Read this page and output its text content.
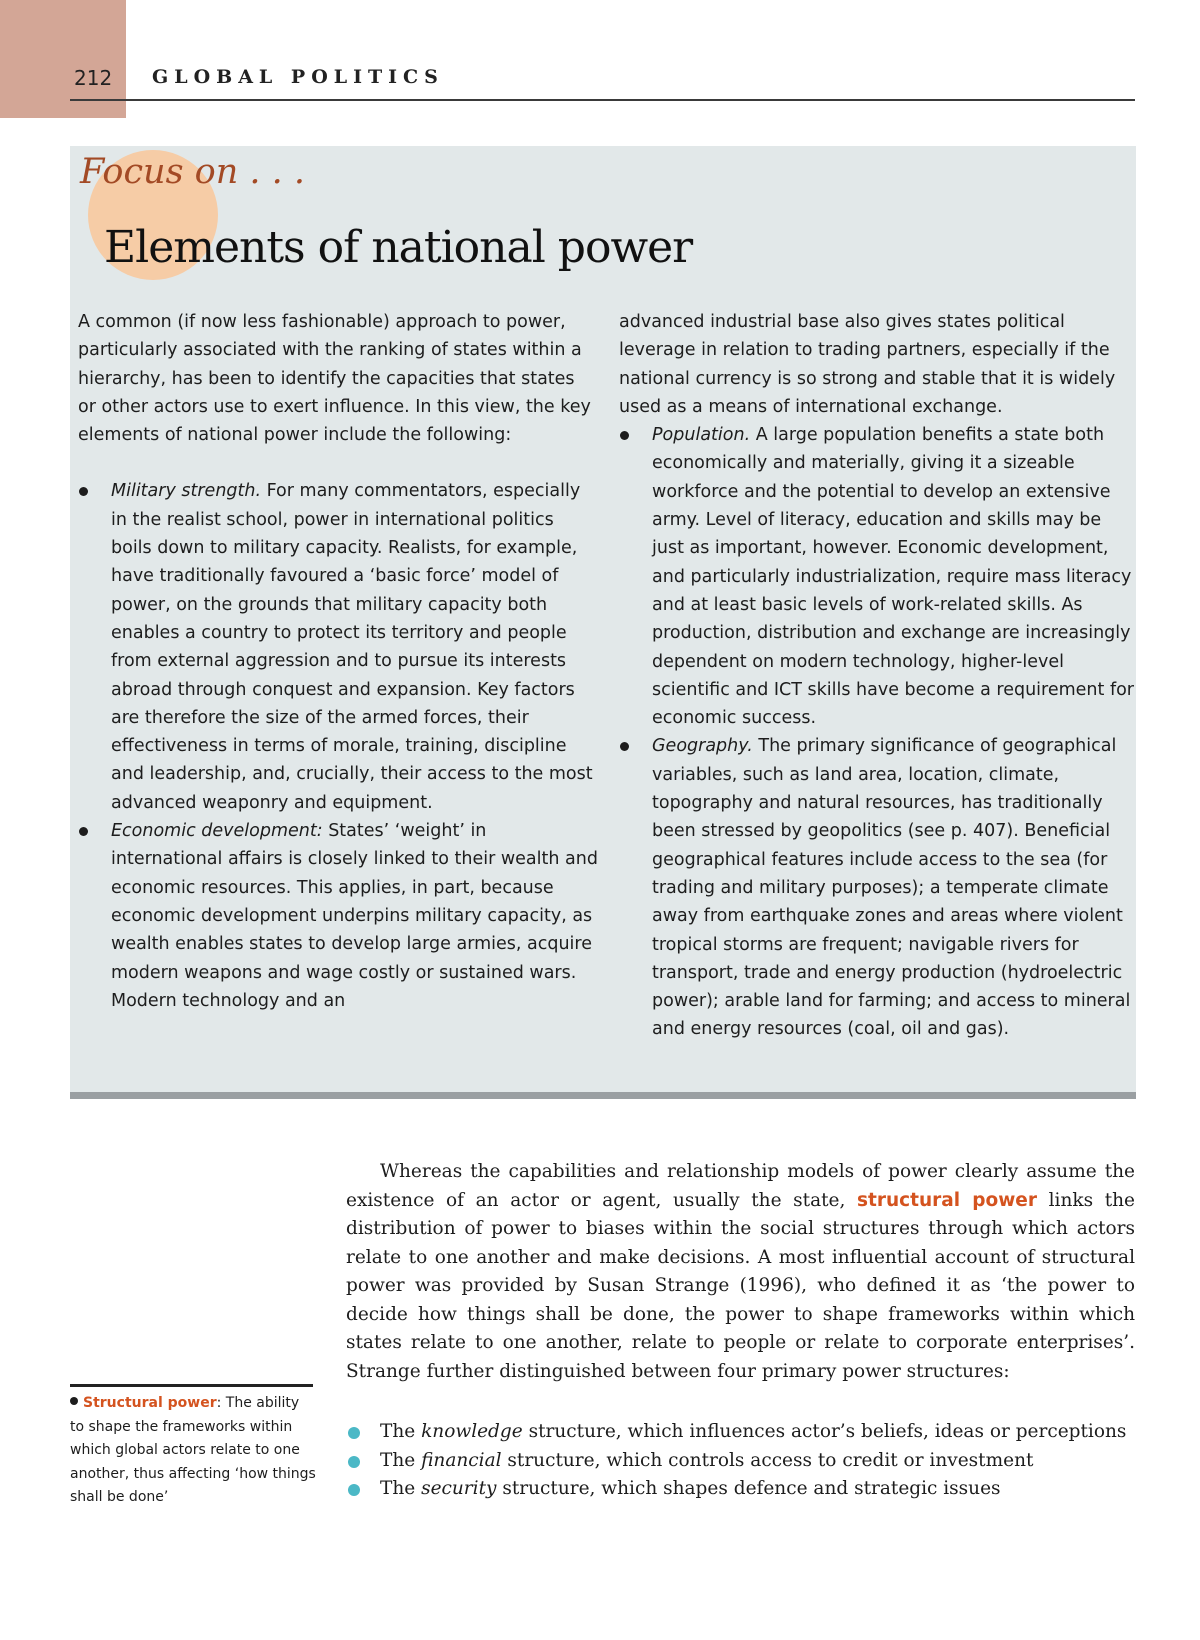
212 GLOBAL POLITICS
Focus on . . .
Elements of national power

A common (if now less fashionable) approach to power, particularly associated with the ranking of states within a hierarchy, has been to identify the capacities that states or other actors use to exert influence. In this view, the key elements of national power include the following:

Military strength. For many commentators, especially in the realist school, power in international politics boils down to military capacity. Realists, for example, have traditionally favoured a ‘basic force’ model of power, on the grounds that military capacity both enables a country to protect its territory and people from external aggression and to pursue its interests abroad through conquest and expansion. Key factors are therefore the size of the armed forces, their effectiveness in terms of morale, training, discipline and leadership, and, crucially, their access to the most advanced weaponry and equipment.
Economic development: States’ ‘weight’ in international affairs is closely linked to their wealth and economic resources. This applies, in part, because economic development underpins military capacity, as wealth enables states to develop large armies, acquire modern weapons and wage costly or sustained wars. Modern technology and an

advanced industrial base also gives states political leverage in relation to trading partners, especially if the national currency is so strong and stable that it is widely used as a means of international exchange.

Population. A large population benefits a state both economically and materially, giving it a sizeable workforce and the potential to develop an extensive army. Level of literacy, education and skills may be just as important, however. Economic development, and particularly industrialization, require mass literacy and at least basic levels of work-related skills. As production, distribution and exchange are increasingly dependent on modern technology, higher-level scientific and ICT skills have become a requirement for economic success.
Geography. The primary significance of geographical variables, such as land area, location, climate, topography and natural resources, has traditionally been stressed by geopolitics (see p. 407). Beneficial geographical features include access to the sea (for trading and military purposes); a temperate climate away from earthquake zones and areas where violent tropical storms are frequent; navigable rivers for transport, trade and energy production (hydroelectric power); arable land for farming; and access to mineral and energy resources (coal, oil and gas).

Whereas the capabilities and relationship models of power clearly assume the existence of an actor or agent, usually the state, structural power links the distribution of power to biases within the social structures through which actors relate to one another and make decisions. A most influential account of structural power was provided by Susan Strange (1996), who defined it as ‘the power to decide how things shall be done, the power to shape frameworks within which states relate to one another, relate to people or relate to corporate enterprises’. Strange further distinguished between four primary power structures:

The knowledge structure, which influences actor’s beliefs, ideas or perceptions
The financial structure, which controls access to credit or investment
The security structure, which shapes defence and strategic issues
Structural power: The ability to shape the frameworks within which global actors relate to one another, thus affecting ‘how things shall be done’
